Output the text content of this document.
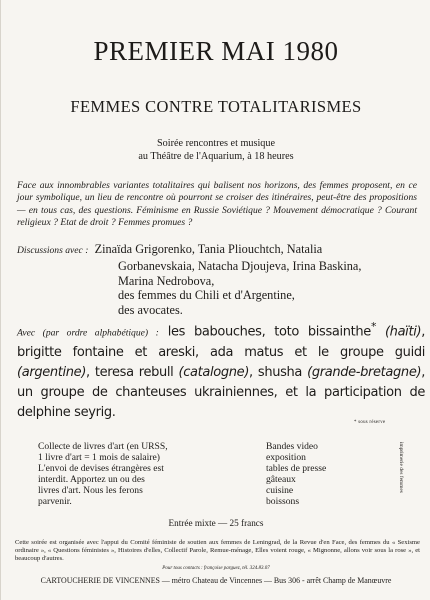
PREMIER MAI 1980
FEMMES CONTRE TOTALITARISMES
Soirée rencontres et musique
au Théâtre de l'Aquarium, à 18 heures
Face aux innombrables variantes totalitaires qui balisent nos horizons, des femmes proposent, en ce jour symbolique, un lieu de rencontre où pourront se croiser des itinéraires, peut-être des propositions — en tous cas, des questions. Féminisme en Russie Soviétique ? Mouvement démocratique ? Courant religieux ? Etat de droit ? Femmes promues ?
Discussions avec : Zinaïda Grigorenko, Tania Pliouchtch, Natalia
Gorbanevskaia, Natacha Djoujeva, Irina Baskina,
Marina Nedrobova,
des femmes du Chili et d'Argentine,
des avocates.
Avec (par ordre alphabétique) : les babouches, toto bissainthe* (haïti), brigitte fontaine et areski, ada matus et le groupe guidi (argentine), teresa rebull (catalogne), shusha (grande-bretagne), un groupe de chanteuses ukrainiennes, et la participation de delphine seyrig.
* sous réserve
Collecte de livres d'art (en URSS,
1 livre d'art = 1 mois de salaire)
L'envoi de devises étrangères est
interdit. Apportez un ou des
livres d'art. Nous les ferons
parvenir.
Bandes video
exposition
tables de presse
gâteaux
cuisine
boissons
imprimerie des femmes
Entrée mixte — 25 francs
Cette soirée est organisée avec l'appui du Comité féministe de soutien aux femmes de Leningrad, de la Revue d'en Face, des femmes du « Sexisme ordinaire », « Questions féministes », Histoires d'elles, Collectif Parole, Remue-ménage, Elles voient rouge, « Mignonne, allons voir sous la rose », et beaucoup d'autres.
Pour tous contacts : françoise parguez, tél. 324.83.07
CARTOUCHERIE DE VINCENNES — métro Chateau de Vincennes — Bus 306 - arrêt Champ de Manœuvre
